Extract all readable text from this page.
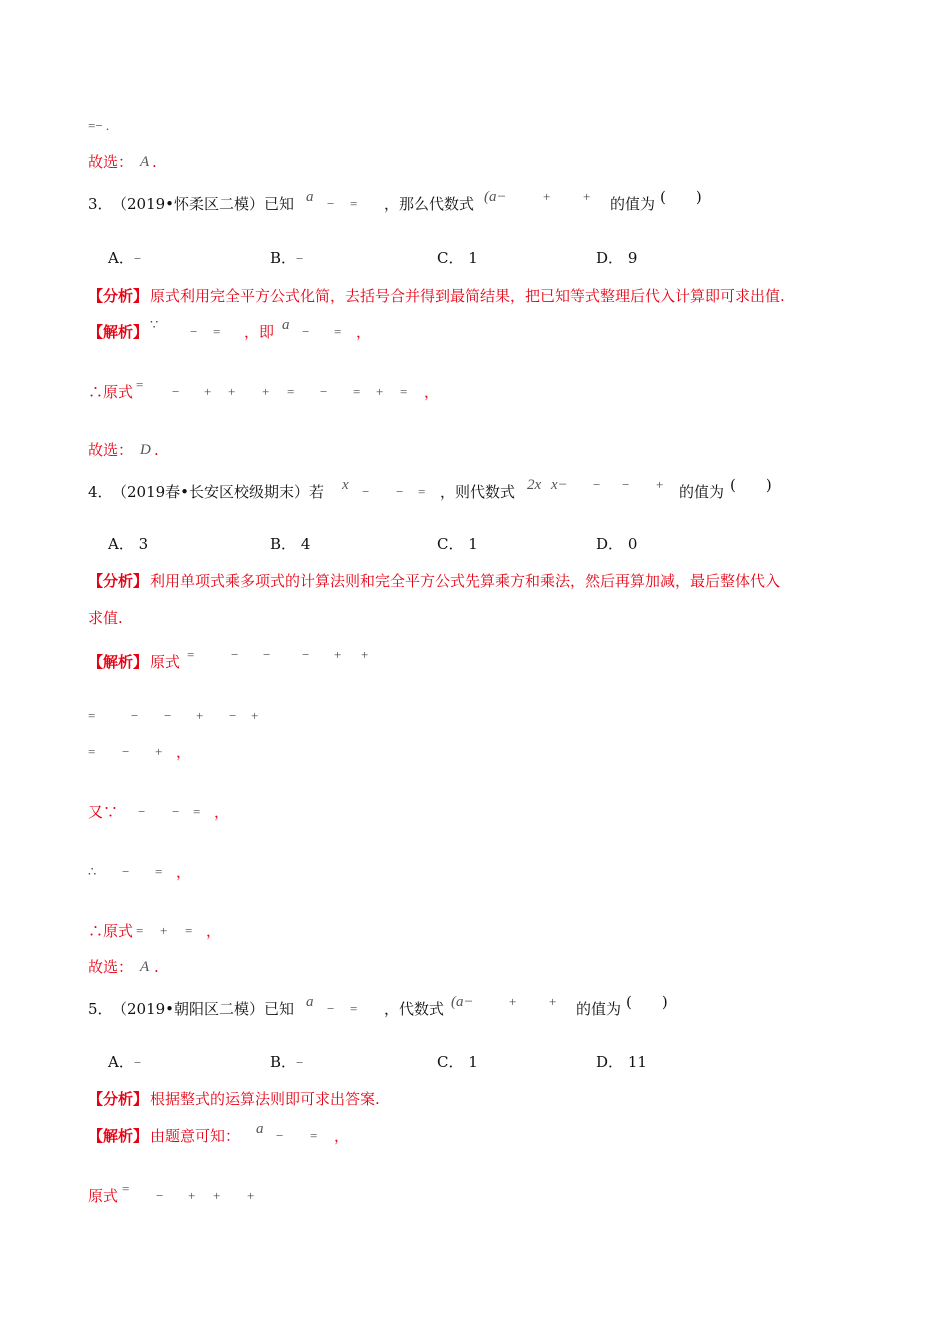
=− .
故选： A .
3． （2019•怀柔区二模）已知 a − = ，那么代数式 (a−	+	+ 的值为 (　　)
A．−	B．−	C． 1	D． 9
【分析】 原式利用完全平方公式化简，去括号合并得到最简结果，把已知等式整理后代入计算即可求出值.
【解析】 ∵ − = ，即 a − = ，
∴原式 = − + + + = − = + = ，
故选： D .
4． （2019春•长安区校级期末）若 x − − = ，则代数式 2x x− − − + 的值为 (　　)
A． 3	B． 4	C． 1	D． 0
【分析】 利用单项式乘多项式的计算法则和完全平方公式先算乘方和乘法，然后再算加减，最后整体代入
求值.
【解析】 原式 =	− − − + +
=	− − + − +
= − + ，
又∵ − − = ，
∴ − = ，
∴原式 = + = ，
故选： A .
5． （2019•朝阳区二模）已知 a − = ，代数式 (a−	+	+ 的值为 (　　)
A．−	B．−	C． 1	D． 11
【分析】 根据整式的运算法则即可求出答案.
【解析】 由题意可知： a − = ，
原式 = − + + +
